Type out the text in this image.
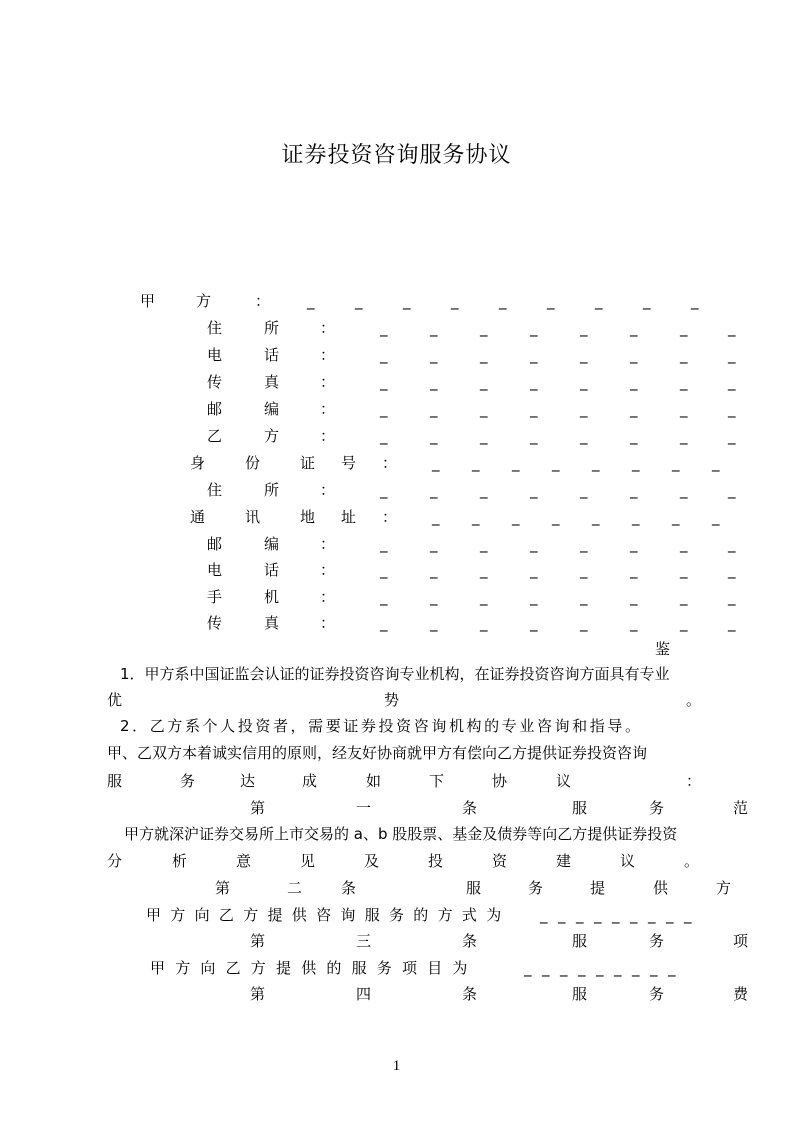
证券投资咨询服务协议
甲	方	： _	_	_	_	_	_	_	_	_
住	所	：	_	_	_	_	_	_	_	_
电	话	：	_	_	_	_	_	_	_	_
传	真	：	_	_	_	_	_	_	_	_
邮	编	：	_	_	_	_	_	_	_	_
乙	方	：	_	_	_	_	_	_	_	_
身	份	证 号 ： _ _ _ _ _ _ _ _
住	所	：	_	_	_	_	_	_	_	_
通	讯	地 址 ： _ _ _ _ _ _ _ _
邮	编	：	_	_	_	_	_	_	_	_
电	话	：	_	_	_	_	_	_	_	_
手	机	：	_	_	_	_	_	_	_	_
传	真	：	_	_	_	_	_	_	_	_
鉴
1．甲方系中国证监会认证的证券投资咨询专业机构，在证券投资咨询方面具有专业
优	势	。
2．乙方系个人投资者，需要证券投资咨询机构的专业咨询和指导。
甲、乙双方本着诚实信用的原则，经友好协商就甲方有偿向乙方提供证券投资咨询
服	务	达	成	如	下	协	议	：
第	一	条	服	务	范
甲方就深沪证券交易所上市交易的 a、b 股股票、基金及债券等向乙方提供证券投资
分	析	意	见	及	投	资	建	议	。
第	二	条	服	务	提	供	方
甲 方 向 乙 方 提 供 咨 询 服 务 的 方 式 为	_ _ _ _ _ _ _ _ _
第	三	条	服	务	项
甲 方 向 乙 方 提 供 的 服 务 项 目 为	_ _ _ _ _ _ _ _ _
第	四	条	服	务	费
1
